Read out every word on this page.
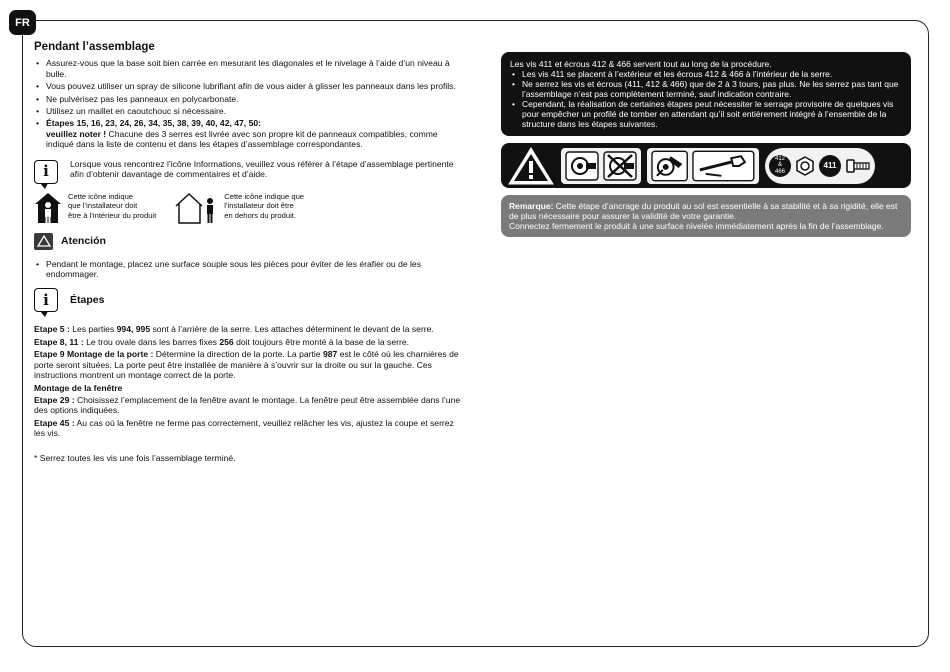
FR
Pendant l’assemblage
• Assurez-vous que la base soit bien carrée en mesurant les diagonales et le nivelage à l’aide d’un niveau à bulle.
• Vous pouvez utiliser un spray de silicone lubrifiant afin de vous aider à glisser les panneaux dans les profils.
• Ne pulvérisez pas les panneaux en polycarbonate.
• Utilisez un maillet en caoutchouc si nécessaire.
• Étapes 15, 16, 23, 24, 26, 34, 35, 38, 39, 40, 42, 47, 50:
veuillez noter ! Chacune des 3 serres est livrée avec son propre kit de panneaux compatibles, comme indiqué dans la liste de contenu et dans les étapes d’assemblage correspondantes.
i	Lorsque vous rencontrez l’icône Informations, veuillez vous référer à l’étape d’assemblage pertinente afin d’obtenir davantage de commentaires et d’aide.
Cette icône indique
que l’installateur doit
être à l’intérieur du produit
Cette icône indique que
l’installateur doit être
en dehors du produit.
Atención
• Pendant le montage, placez une surface souple sous les pièces pour éviter de les érafier ou de les endommager.
i	Étapes

Etape 5 : Les parties 994, 995 sont à l’arrière de la serre. Les attaches déterminent le devant de la serre.

Etape 8, 11 : Le trou ovale dans les barres fixes 256 doit toujours être monté à la base de la serre.

Etape 9 Montage de la porte : Détermine la direction de la porte. La partie 987 est le côté où les charnières de porte seront situées. La porte peut être installée de manière à s’ouvrir sur la droite ou sur la gauche. Ces instructions montrent un montage correct de la porte.

Montage de la fenêtre

Etape 29 : Choisissez l’emplacement de la fenêtre avant le montage. La fenêtre peut être assemblée dans l’une des options indiquées.

Etape 45 : Au cas où la fenêtre ne ferme pas correctement, veuillez relâcher les vis, ajustez la coupe et serrez les vis.

* Serrez toutes les vis une fois l’assemblage terminé.

Les vis 411 et écrous 412 & 466 servent tout au long de la procédure.
• Les vis 411 se placent à l’extérieur et les écrous 412 & 466 à l’intérieur de la serre.
• Ne serrez les vis et écrous (411, 412 & 466) que de 2 à 3 tours, pas plus. Ne les serrez pas tant que l’assemblage n’est pas complètement terminé, sauf indication contraire.
• Cependant, la réalisation de certaines étapes peut nécessiter le serrage provisoire de quelques vis pour empêcher un profilé de tomber en attendant qu’il soit entièrement intégré à l’ensemble de la structure dans les étapes suivantes.
412
&
466
411
Remarque: Cette étape d’ancrage du produit au sol est essentielle à sa stabilité et à sa rigidité, elle est de plus nécessaire pour assurer la validité de votre garantie.
Connectez fermement le produit à une surface nivelée immédiatement après la fin de l’assemblage.
